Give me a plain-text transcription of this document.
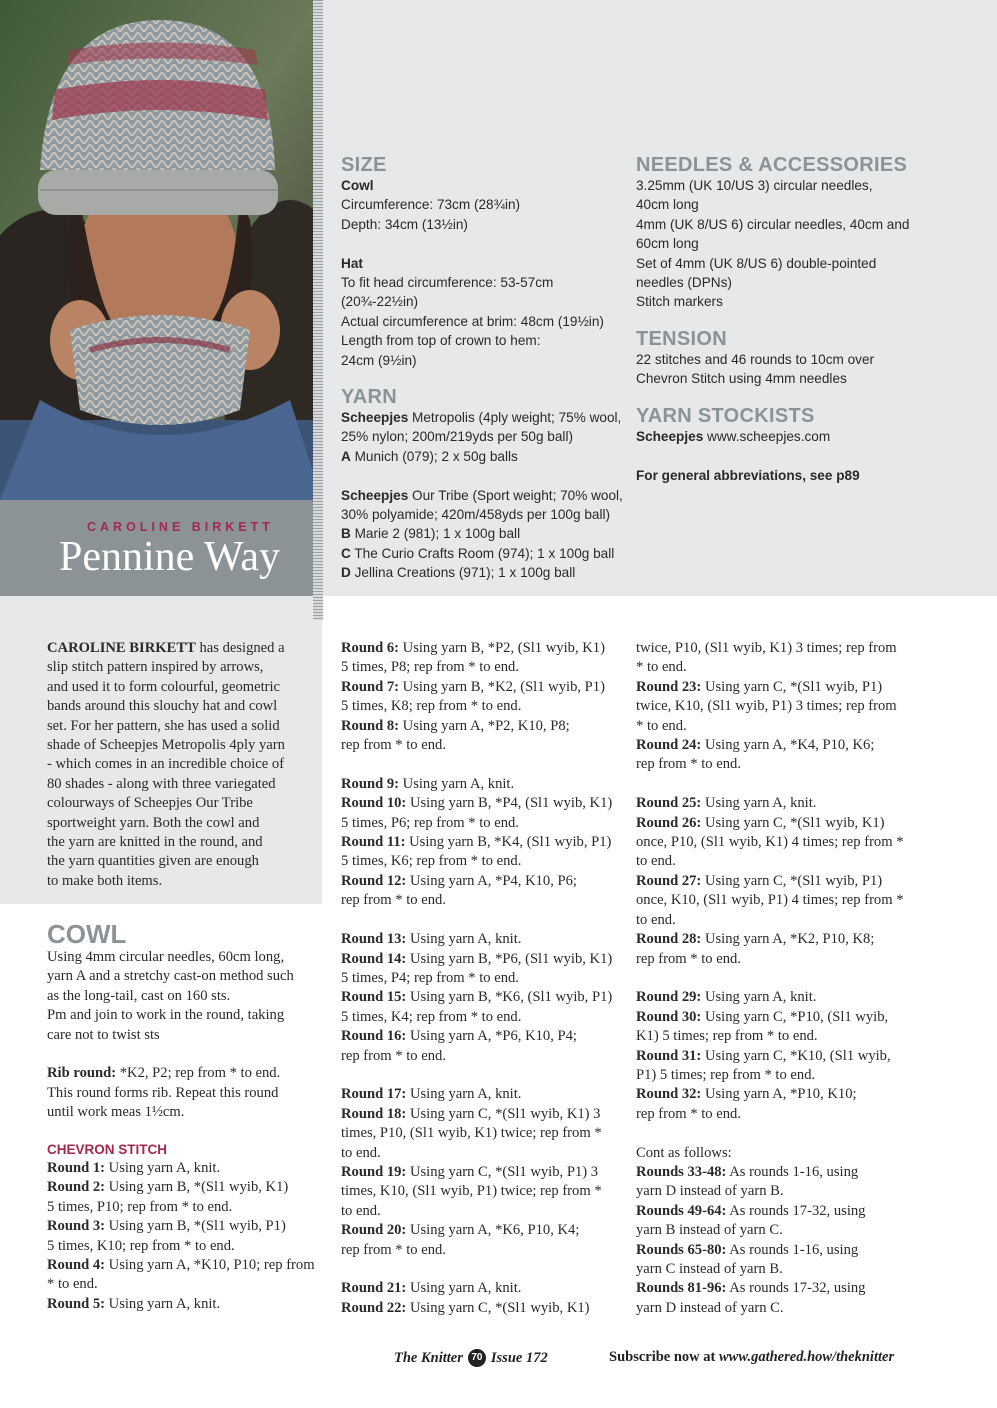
CAROLINE BIRKETT
Pennine Way
SIZE
Cowl
Circumference: 73cm (28¾in)
Depth: 34cm (13½in)

Hat
To fit head circumference: 53-57cm
(20¾-22½in)
Actual circumference at brim: 48cm (19½in)
Length from top of crown to hem:
24cm (9½in)
YARN
Scheepjes Metropolis (4ply weight; 75% wool,
25% nylon; 200m/219yds per 50g ball)
A Munich (079); 2 x 50g balls

Scheepjes Our Tribe (Sport weight; 70% wool,
30% polyamide; 420m/458yds per 100g ball)
B Marie 2 (981); 1 x 100g ball
C The Curio Crafts Room (974); 1 x 100g ball
D Jellina Creations (971); 1 x 100g ball
NEEDLES & ACCESSORIES
3.25mm (UK 10/US 3) circular needles,
40cm long
4mm (UK 8/US 6) circular needles, 40cm and
60cm long
Set of 4mm (UK 8/US 6) double-pointed
needles (DPNs)
Stitch markers
TENSION
22 stitches and 46 rounds to 10cm over
Chevron Stitch using 4mm needles
YARN STOCKISTS
Scheepjes www.scheepjes.com

For general abbreviations, see p89
CAROLINE BIRKETT has designed a
slip stitch pattern inspired by arrows,
and used it to form colourful, geometric
bands around this slouchy hat and cowl
set. For her pattern, she has used a solid
shade of Scheepjes Metropolis 4ply yarn
- which comes in an incredible choice of
80 shades - along with three variegated
colourways of Scheepjes Our Tribe
sportweight yarn. Both the cowl and
the yarn are knitted in the round, and
the yarn quantities given are enough
to make both items.
COWL
Using 4mm circular needles, 60cm long,
yarn A and a stretchy cast-on method such
as the long-tail, cast on 160 sts.
Pm and join to work in the round, taking
care not to twist sts

Rib round: *K2, P2; rep from * to end.
This round forms rib. Repeat this round
until work meas 1½cm.
CHEVRON STITCH
Round 1: Using yarn A, knit.
Round 2: Using yarn B, *(Sl1 wyib, K1)
5 times, P10; rep from * to end.
Round 3: Using yarn B, *(Sl1 wyib, P1)
5 times, K10; rep from * to end.
Round 4: Using yarn A, *K10, P10; rep from
* to end.
Round 5: Using yarn A, knit.
Round 6: Using yarn B, *P2, (Sl1 wyib, K1)
5 times, P8; rep from * to end.
Round 7: Using yarn B, *K2, (Sl1 wyib, P1)
5 times, K8; rep from * to end.
Round 8: Using yarn A, *P2, K10, P8;
rep from * to end.

Round 9: Using yarn A, knit.
Round 10: Using yarn B, *P4, (Sl1 wyib, K1)
5 times, P6; rep from * to end.
Round 11: Using yarn B, *K4, (Sl1 wyib, P1)
5 times, K6; rep from * to end.
Round 12: Using yarn A, *P4, K10, P6;
rep from * to end.

Round 13: Using yarn A, knit.
Round 14: Using yarn B, *P6, (Sl1 wyib, K1)
5 times, P4; rep from * to end.
Round 15: Using yarn B, *K6, (Sl1 wyib, P1)
5 times, K4; rep from * to end.
Round 16: Using yarn A, *P6, K10, P4;
rep from * to end.

Round 17: Using yarn A, knit.
Round 18: Using yarn C, *(Sl1 wyib, K1) 3
times, P10, (Sl1 wyib, K1) twice; rep from *
to end.
Round 19: Using yarn C, *(Sl1 wyib, P1) 3
times, K10, (Sl1 wyib, P1) twice; rep from *
to end.
Round 20: Using yarn A, *K6, P10, K4;
rep from * to end.

Round 21: Using yarn A, knit.
Round 22: Using yarn C, *(Sl1 wyib, K1)
twice, P10, (Sl1 wyib, K1) 3 times; rep from
* to end.
Round 23: Using yarn C, *(Sl1 wyib, P1)
twice, K10, (Sl1 wyib, P1) 3 times; rep from
* to end.
Round 24: Using yarn A, *K4, P10, K6;
rep from * to end.

Round 25: Using yarn A, knit.
Round 26: Using yarn C, *(Sl1 wyib, K1)
once, P10, (Sl1 wyib, K1) 4 times; rep from *
to end.
Round 27: Using yarn C, *(Sl1 wyib, P1)
once, K10, (Sl1 wyib, P1) 4 times; rep from *
to end.
Round 28: Using yarn A, *K2, P10, K8;
rep from * to end.

Round 29: Using yarn A, knit.
Round 30: Using yarn C, *P10, (Sl1 wyib,
K1) 5 times; rep from * to end.
Round 31: Using yarn C, *K10, (Sl1 wyib,
P1) 5 times; rep from * to end.
Round 32: Using yarn A, *P10, K10;
rep from * to end.

Cont as follows:
Rounds 33-48: As rounds 1-16, using
yarn D instead of yarn B.
Rounds 49-64: As rounds 17-32, using
yarn B instead of yarn C.
Rounds 65-80: As rounds 1-16, using
yarn C instead of yarn B.
Rounds 81-96: As rounds 17-32, using
yarn D instead of yarn C.
The Knitter 70 Issue 172	Subscribe now at www.gathered.how/theknitter
